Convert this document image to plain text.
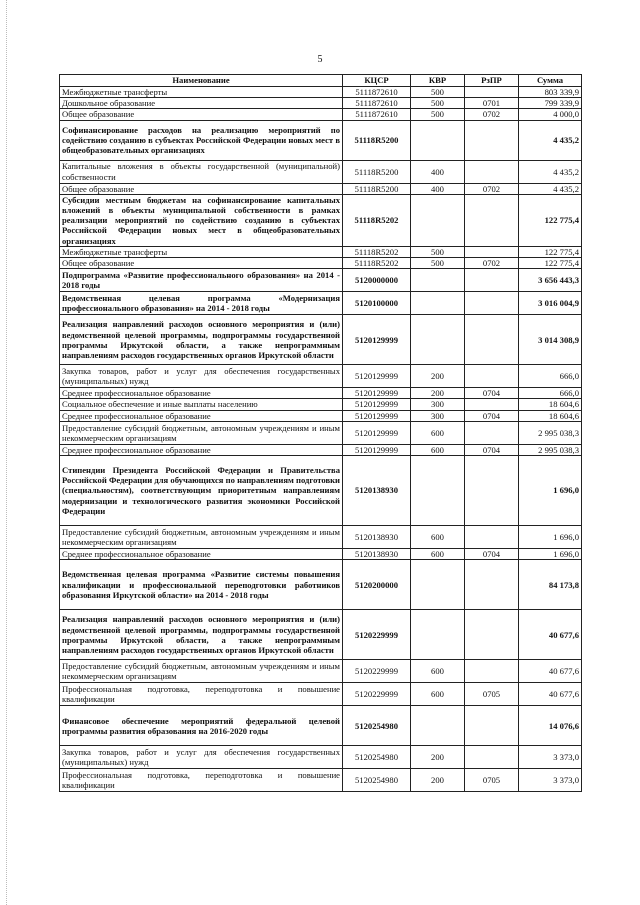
5
Наименование	КЦСР	КВР	РзПР	Сумма
Межбюджетные трансферты	5111872610	500		803 339,9
Дошкольное образование	5111872610	500	0701	799 339,9
Общее образование	5111872610	500	0702	4 000,0
Софинансирование расходов на реализацию мероприятий по содействию созданию в субъектах Российской Федерации новых мест в общеобразовательных организациях	51118R5200			4 435,2
Капитальные вложения в объекты государственной (муниципальной) собственности	51118R5200	400		4 435,2
Общее образование	51118R5200	400	0702	4 435,2
Субсидии местным бюджетам на софинансирование капитальных вложений в объекты муниципальной собственности в рамках реализации мероприятий по содействию созданию в субъектах Российской Федерации новых мест в общеобразовательных организациях	51118R5202			122 775,4
Межбюджетные трансферты	51118R5202	500		122 775,4
Общее образование	51118R5202	500	0702	122 775,4
Подпрограмма «Развитие профессионального образования» на 2014 - 2018 годы	5120000000			3 656 443,3
Ведомственная целевая программа «Модернизация профессионального образования» на 2014 - 2018 годы	5120100000			3 016 004,9
Реализация направлений расходов основного мероприятия и (или) ведомственной целевой программы, подпрограммы государственной программы Иркутской области, а также непрограммным направлениям расходов государственных органов Иркутской области	5120129999			3 014 308,9
Закупка товаров, работ и услуг для обеспечения государственных (муниципальных) нужд	5120129999	200		666,0
Среднее профессиональное образование	5120129999	200	0704	666,0
Социальное обеспечение и иные выплаты населению	5120129999	300		18 604,6
Среднее профессиональное образование	5120129999	300	0704	18 604,6
Предоставление субсидий бюджетным, автономным учреждениям и иным некоммерческим организациям	5120129999	600		2 995 038,3
Среднее профессиональное образование	5120129999	600	0704	2 995 038,3
Стипендии Президента Российской Федерации и Правительства Российской Федерации для обучающихся по направлениям подготовки (специальностям), соответствующим приоритетным направлениям модернизации и технологического развития экономики Российской Федерации	5120138930			1 696,0
Предоставление субсидий бюджетным, автономным учреждениям и иным некоммерческим организациям	5120138930	600		1 696,0
Среднее профессиональное образование	5120138930	600	0704	1 696,0
Ведомственная целевая программа «Развитие системы повышения квалификации и профессиональной переподготовки работников образования Иркутской области» на 2014 - 2018 годы	5120200000			84 173,8
Реализация направлений расходов основного мероприятия и (или) ведомственной целевой программы, подпрограммы государственной программы Иркутской области, а также непрограммным направлениям расходов государственных органов Иркутской области	5120229999			40 677,6
Предоставление субсидий бюджетным, автономным учреждениям и иным некоммерческим организациям	5120229999	600		40 677,6
Профессиональная подготовка, переподготовка и повышение квалификации	5120229999	600	0705	40 677,6
Финансовое обеспечение мероприятий федеральной целевой программы развития образования на 2016-2020 годы	5120254980			14 076,6
Закупка товаров, работ и услуг для обеспечения государственных (муниципальных) нужд	5120254980	200		3 373,0
Профессиональная подготовка, переподготовка и повышение квалификации	5120254980	200	0705	3 373,0
